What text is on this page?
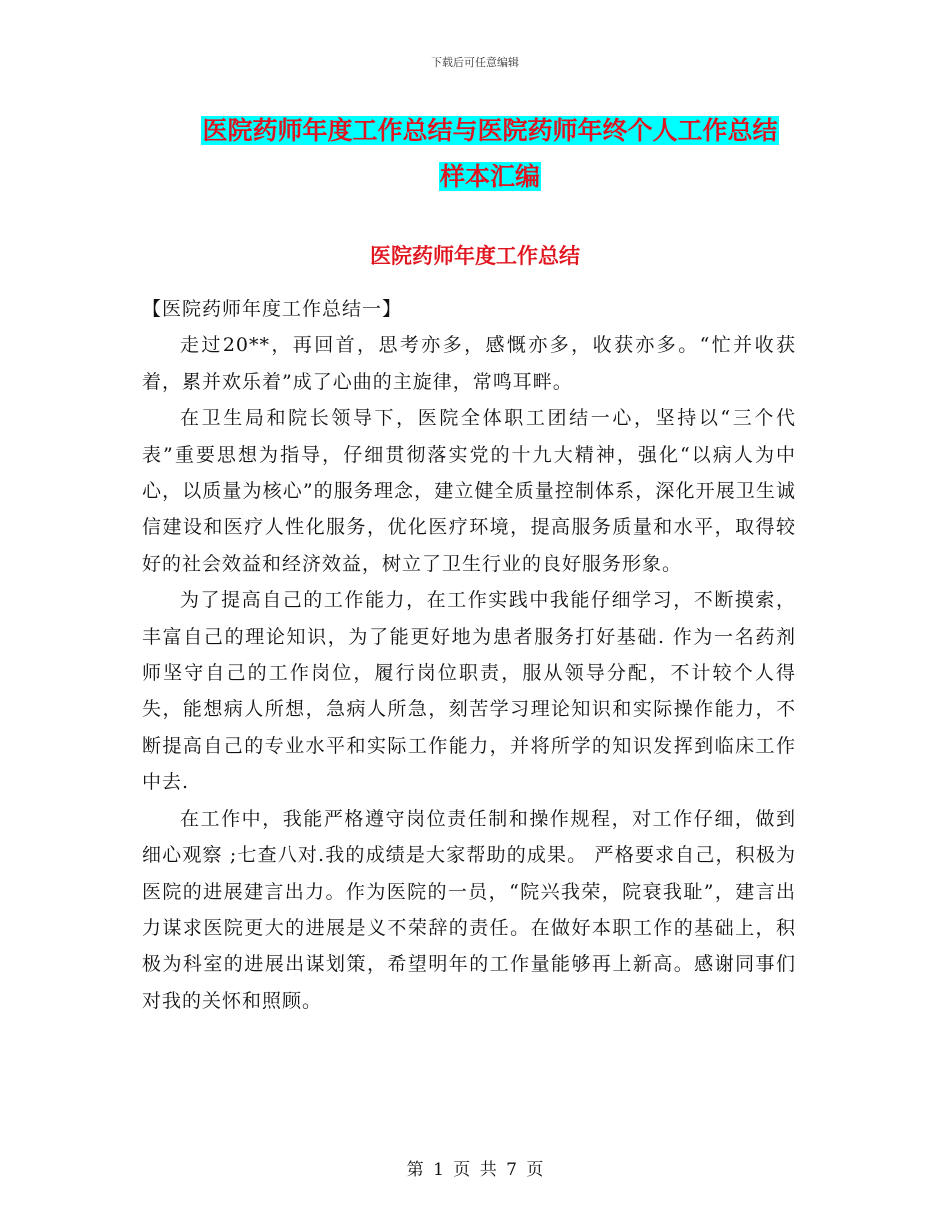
下载后可任意编辑
医院药师年度工作总结与医院药师年终个人工作总结
样本汇编
医院药师年度工作总结

【医院药师年度工作总结一】

走过20**，再回首，思考亦多，感慨亦多，收获亦多。“忙并收获着，累并欢乐着”成了心曲的主旋律，常鸣耳畔。

在卫生局和院长领导下，医院全体职工团结一心，坚持以“三个代表”重要思想为指导，仔细贯彻落实党的十九大精神，强化“以病人为中心，以质量为核心”的服务理念，建立健全质量控制体系，深化开展卫生诚信建设和医疗人性化服务，优化医疗环境，提高服务质量和水平，取得较好的社会效益和经济效益，树立了卫生行业的良好服务形象。

为了提高自己的工作能力，在工作实践中我能仔细学习，不断摸索，丰富自己的理论知识，为了能更好地为患者服务打好基础. 作为一名药剂师坚守自己的工作岗位，履行岗位职责，服从领导分配，不计较个人得失，能想病人所想，急病人所急，刻苦学习理论知识和实际操作能力，不断提高自己的专业水平和实际工作能力，并将所学的知识发挥到临床工作中去.

在工作中，我能严格遵守岗位责任制和操作规程，对工作仔细，做到细心观察 ;七查八对.我的成绩是大家帮助的成果。 严格要求自己，积极为医院的进展建言出力。作为医院的一员，“院兴我荣，院衰我耻”，建言出力谋求医院更大的进展是义不荣辞的责任。在做好本职工作的基础上，积极为科室的进展出谋划策，希望明年的工作量能够再上新高。感谢同事们对我的关怀和照顾。

第 1 页 共 7 页
